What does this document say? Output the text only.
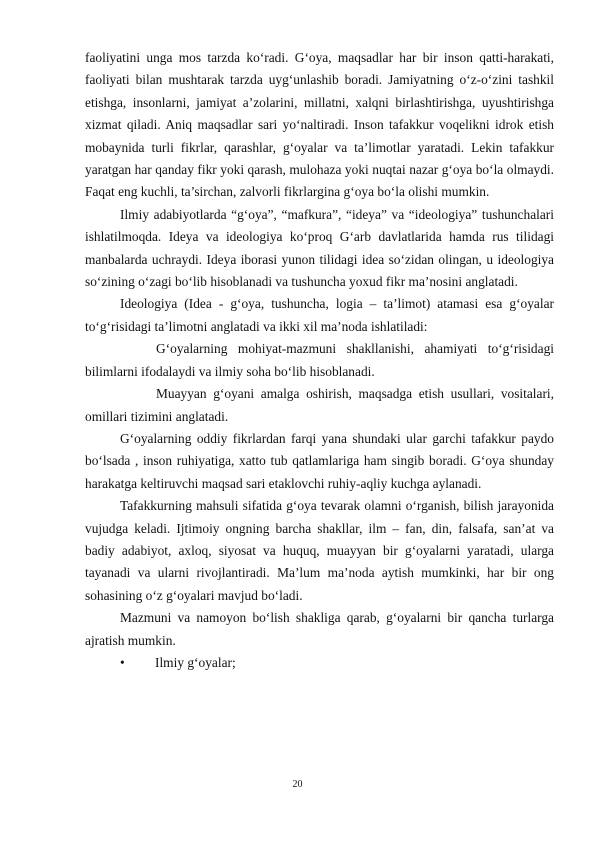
faoliyatini unga mos tarzda ko‘radi. G‘oya, maqsadlar har bir inson qatti-harakati, faoliyati bilan mushtarak tarzda uyg‘unlashib boradi. Jamiyatning o‘z-o‘zini tashkil etishga, insonlarni, jamiyat a’zolarini, millatni, xalqni birlashtirishga, uyushtirishga xizmat qiladi. Aniq maqsadlar sari yo‘naltiradi. Inson tafakkur voqelikni idrok etish mobaynida turli fikrlar, qarashlar, g‘oyalar va ta’limotlar yaratadi. Lekin tafakkur yaratgan har qanday fikr yoki qarash, mulohaza yoki nuqtai nazar g‘oya bo‘la olmaydi. Faqat eng kuchli, ta’sirchan, zalvorli fikrlargina g‘oya bo‘la olishi mumkin.

Ilmiy adabiyotlarda “g‘oya”, “mafkura”, “ideya” va “ideologiya” tushunchalari ishlatilmoqda. Ideya va ideologiya ko‘proq G‘arb davlatlarida hamda rus tilidagi manbalarda uchraydi. Ideya iborasi yunon tilidagi idea so‘zidan olingan, u ideologiya so‘zining o‘zagi bo‘lib hisoblanadi va tushuncha yoxud fikr ma’nosini anglatadi.

Ideologiya (Idea - g‘oya, tushuncha, logia – ta’limot) atamasi esa g‘oyalar to‘g‘risidagi ta’limotni anglatadi va ikki xil ma’noda ishlatiladi:

G‘oyalarning mohiyat-mazmuni shakllanishi, ahamiyati to‘g‘risidagi bilimlarni ifodalaydi va ilmiy soha bo‘lib hisoblanadi.

Muayyan g‘oyani amalga oshirish, maqsadga etish usullari, vositalari, omillari tizimini anglatadi.

G‘oyalarning oddiy fikrlardan farqi yana shundaki ular garchi tafakkur paydo bo‘lsada , inson ruhiyatiga, xatto tub qatlamlariga ham singib boradi. G‘oya shunday harakatga keltiruvchi maqsad sari etaklovchi ruhiy-aqliy kuchga aylanadi.

Tafakkurning mahsuli sifatida g‘oya tevarak olamni o‘rganish, bilish jarayonida vujudga keladi. Ijtimoiy ongning barcha shakllar, ilm – fan, din, falsafa, san’at va badiy adabiyot, axloq, siyosat va huquq, muayyan bir g‘oyalarni yaratadi, ularga tayanadi va ularni rivojlantiradi. Ma’lum ma’noda aytish mumkinki, har bir ong sohasining o‘z g‘oyalari mavjud bo‘ladi.

Mazmuni va namoyon bo‘lish shakliga qarab, g‘oyalarni bir qancha turlarga ajratish mumkin.

•	Ilmiy g‘oyalar;
20
